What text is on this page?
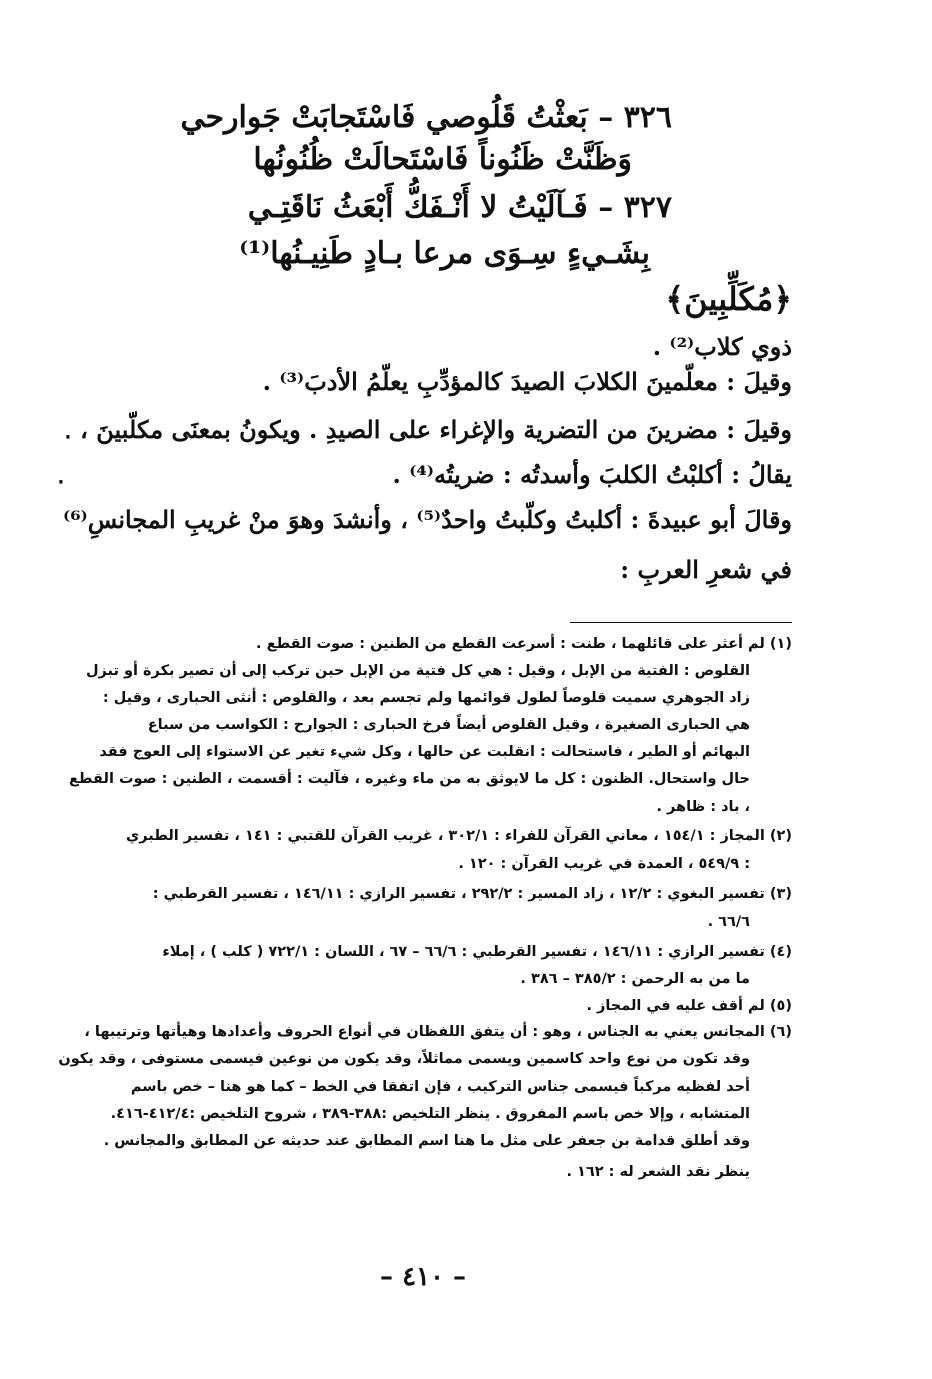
٣٢٦ – بَعثْتُ قَلُوصي فَاسْتَجابَتْ جَوارحي
وَظَنَّتْ ظَنُوناً فَاسْتَحالَتْ ظُنُونُها
٣٢٧ – فَـآلَيْتُ لا أَنْـفَكُّ أَبْعَثُ نَاقَتِـي
بِشَـيءٍ سِـوَى مرعا بـادٍ طَنِيـنُها⁽¹⁾
﴿مُكَلِّبِينَ﴾
ذوي كلاب⁽²⁾ .
وقيلَ : معلّمينَ الكلابَ الصيدَ كالمؤدِّبِ يعلّمُ الأدبَ⁽³⁾ .
وقيلَ : مضرينَ من التضرية والإغراء على الصيدِ . ويكونُ بمعنَى مكلّبينَ ،
يقالُ : أكلبْتُ الكلبَ وأسدتُه : ضريتُه⁽⁴⁾ .
وقالَ أبو عبيدةَ : أكلبتُ وكلّبتُ واحدٌ⁽⁵⁾ ، وأنشدَ وهوَ منْ غريبِ المجانسِ⁽⁶⁾
في شعرِ العربِ :
٠
٠
(١) لم أعثر على قائلهما ، طنت : أسرعت القطع من الطنين : صوت القطع .
القلوص : الفتية من الإبل ، وقيل : هي كل فتية من الإبل حين تركب إلى أن تصير بكرة أو تبزل
زاد الجوهري سميت قلوصاً لطول قوائمها ولم تجسم بعد ، والقلوص : أنثى الحبارى ، وقيل :
هي الحبارى الصغيرة ، وقيل القلوص أيضاً فرخ الحبارى : الجوارح : الكواسب من سباع
البهائم أو الطير ، فاستحالت : انقلبت عن حالها ، وكل شيء تغير عن الاستواء إلى العوج فقد
حال واستحال. الظنون : كل ما لايوثق به من ماء وغيره ، فآليت : أقسمت ، الطنين : صوت القطع
، باد : ظاهر .
(٢) المجاز : ١٥٤/١ ، معاني القرآن للفراء : ٣٠٢/١ ، غريب القرآن للقتبي : ١٤١ ، تفسير الطبري
: ٥٤٩/٩ ، العمدة في غريب القرآن : ١٢٠ .
(٣) تفسير البغوي : ١٢/٢ ، زاد المسير : ٢٩٢/٢ ، تفسير الرازي : ١٤٦/١١ ، تفسير القرطبي :
٦٦/٦ .
(٤) تفسير الرازي : ١٤٦/١١ ، تفسير القرطبي : ٦٦/٦ – ٦٧ ، اللسان : ٧٢٢/١ ( كلب ) ، إملاء
ما من به الرحمن : ٣٨٥/٢ – ٣٨٦ .
(٥) لم أقف عليه في المجاز .
(٦) المجانس يعني به الجناس ، وهو : أن يتفق اللفظان في أنواع الحروف وأعدادها وهيأتها وترتيبها ،
وقد تكون من نوع واحد كاسمين ويسمى مماثلاً، وقد يكون من نوعين فيسمى مستوفى ، وقد يكون
أحد لفظيه مركباً فيسمى جناس التركيب ، فإن اتفقا في الخط – كما هو هنا – خص باسم
المتشابه ، وإلا خص باسم المفروق . ينظر التلخيص :٣٨٨-٣٨٩ ، شروح التلخيص :٤١٢/٤-٤١٦.
وقد أطلق قدامة بن جعفر على مثل ما هنا اسم المطابق عند حديثه عن المطابق والمجانس .
ينظر نقد الشعر له : ١٦٢ .
– ٤١٠ –
